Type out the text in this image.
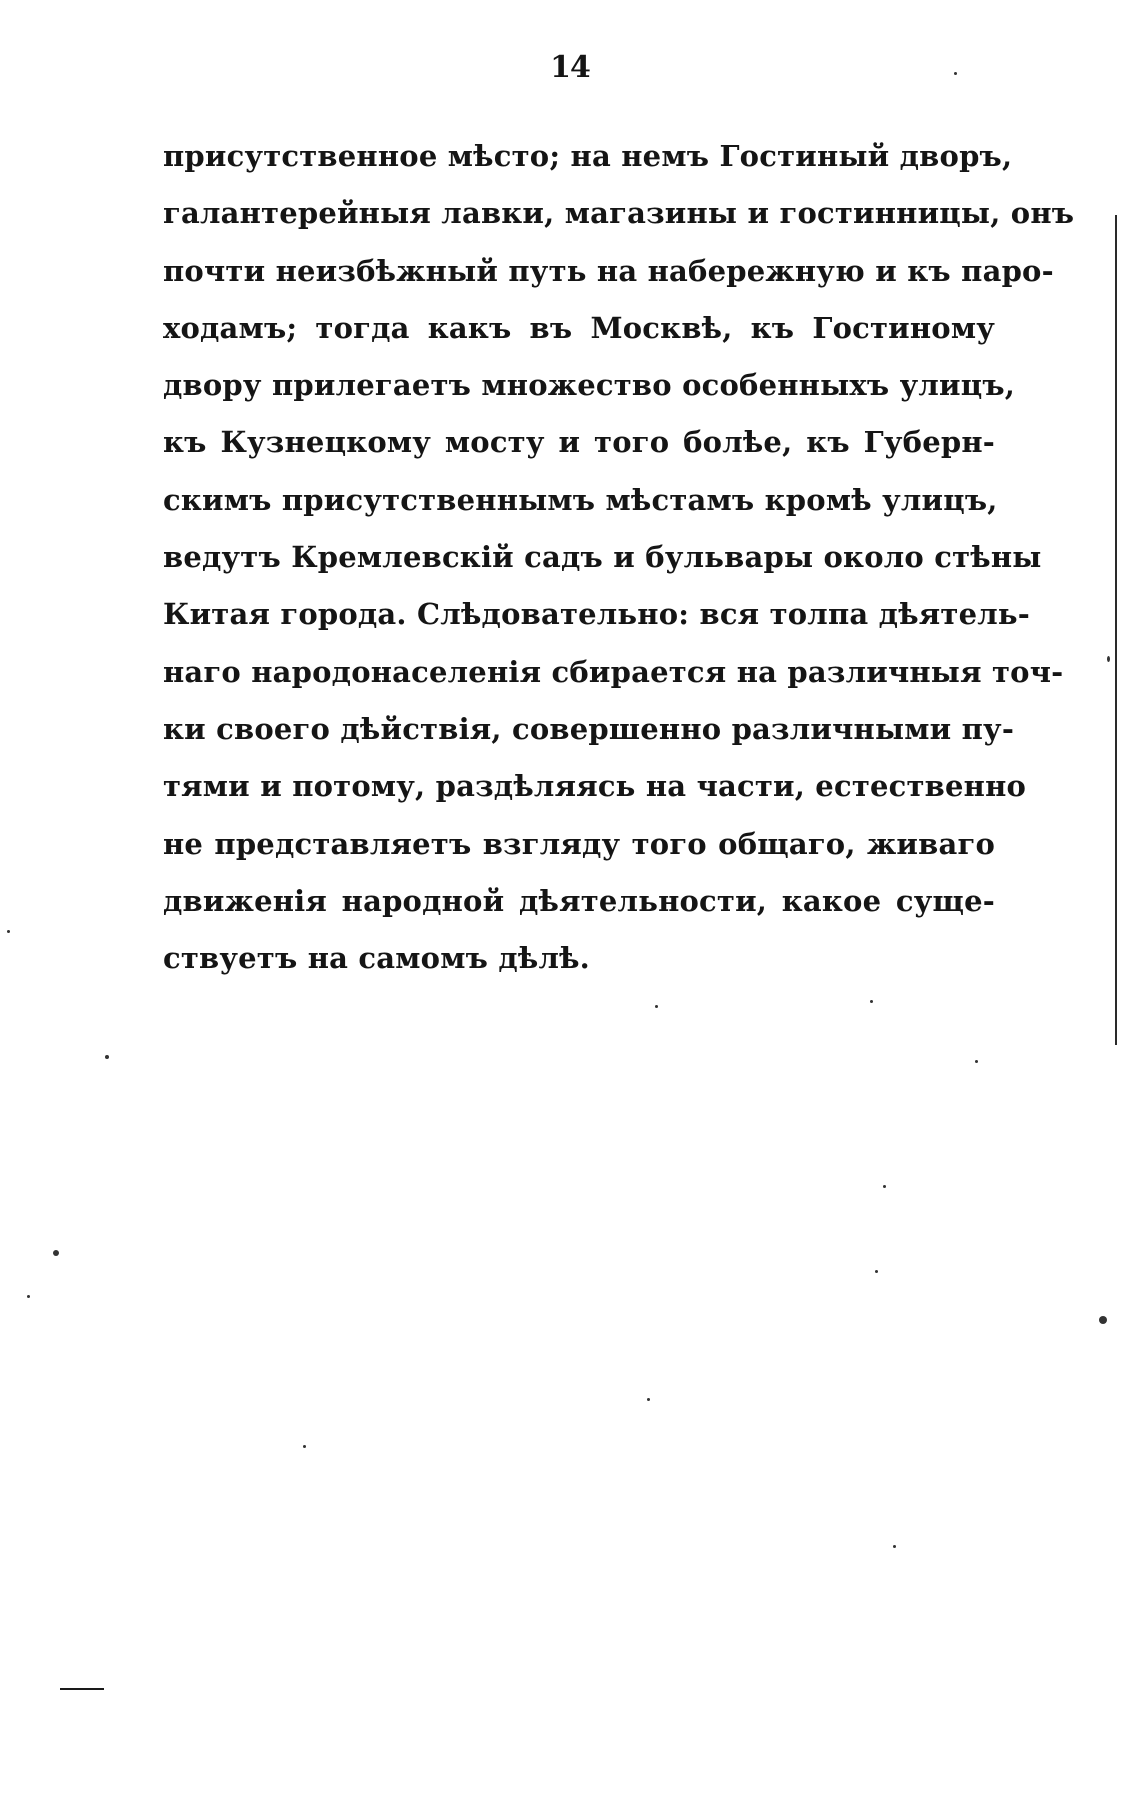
14
присутственное мѣсто; на немъ Гостиный дворъ,
галантерейныя лавки, магазины и гостинницы, онъ
почти неизбѣжный путь на набережную и къ паро-
ходамъ; тогда какъ въ Москвѣ, къ Гостиному
двору прилегаетъ множество особенныхъ улицъ,
къ Кузнецкому мосту и того болѣе, къ Губерн-
скимъ присутственнымъ мѣстамъ кромѣ улицъ,
ведутъ Кремлевскій садъ и бульвары около стѣны
Китая города. Слѣдовательно: вся толпа дѣятель-
наго народонаселенія сбирается на различныя точ-
ки своего дѣйствія, совершенно различными пу-
тями и потому, раздѣляясь на части, естественно
не представляетъ взгляду того общаго, живаго
движенія народной дѣятельности, какое суще-
ствуетъ на самомъ дѣлѣ.
